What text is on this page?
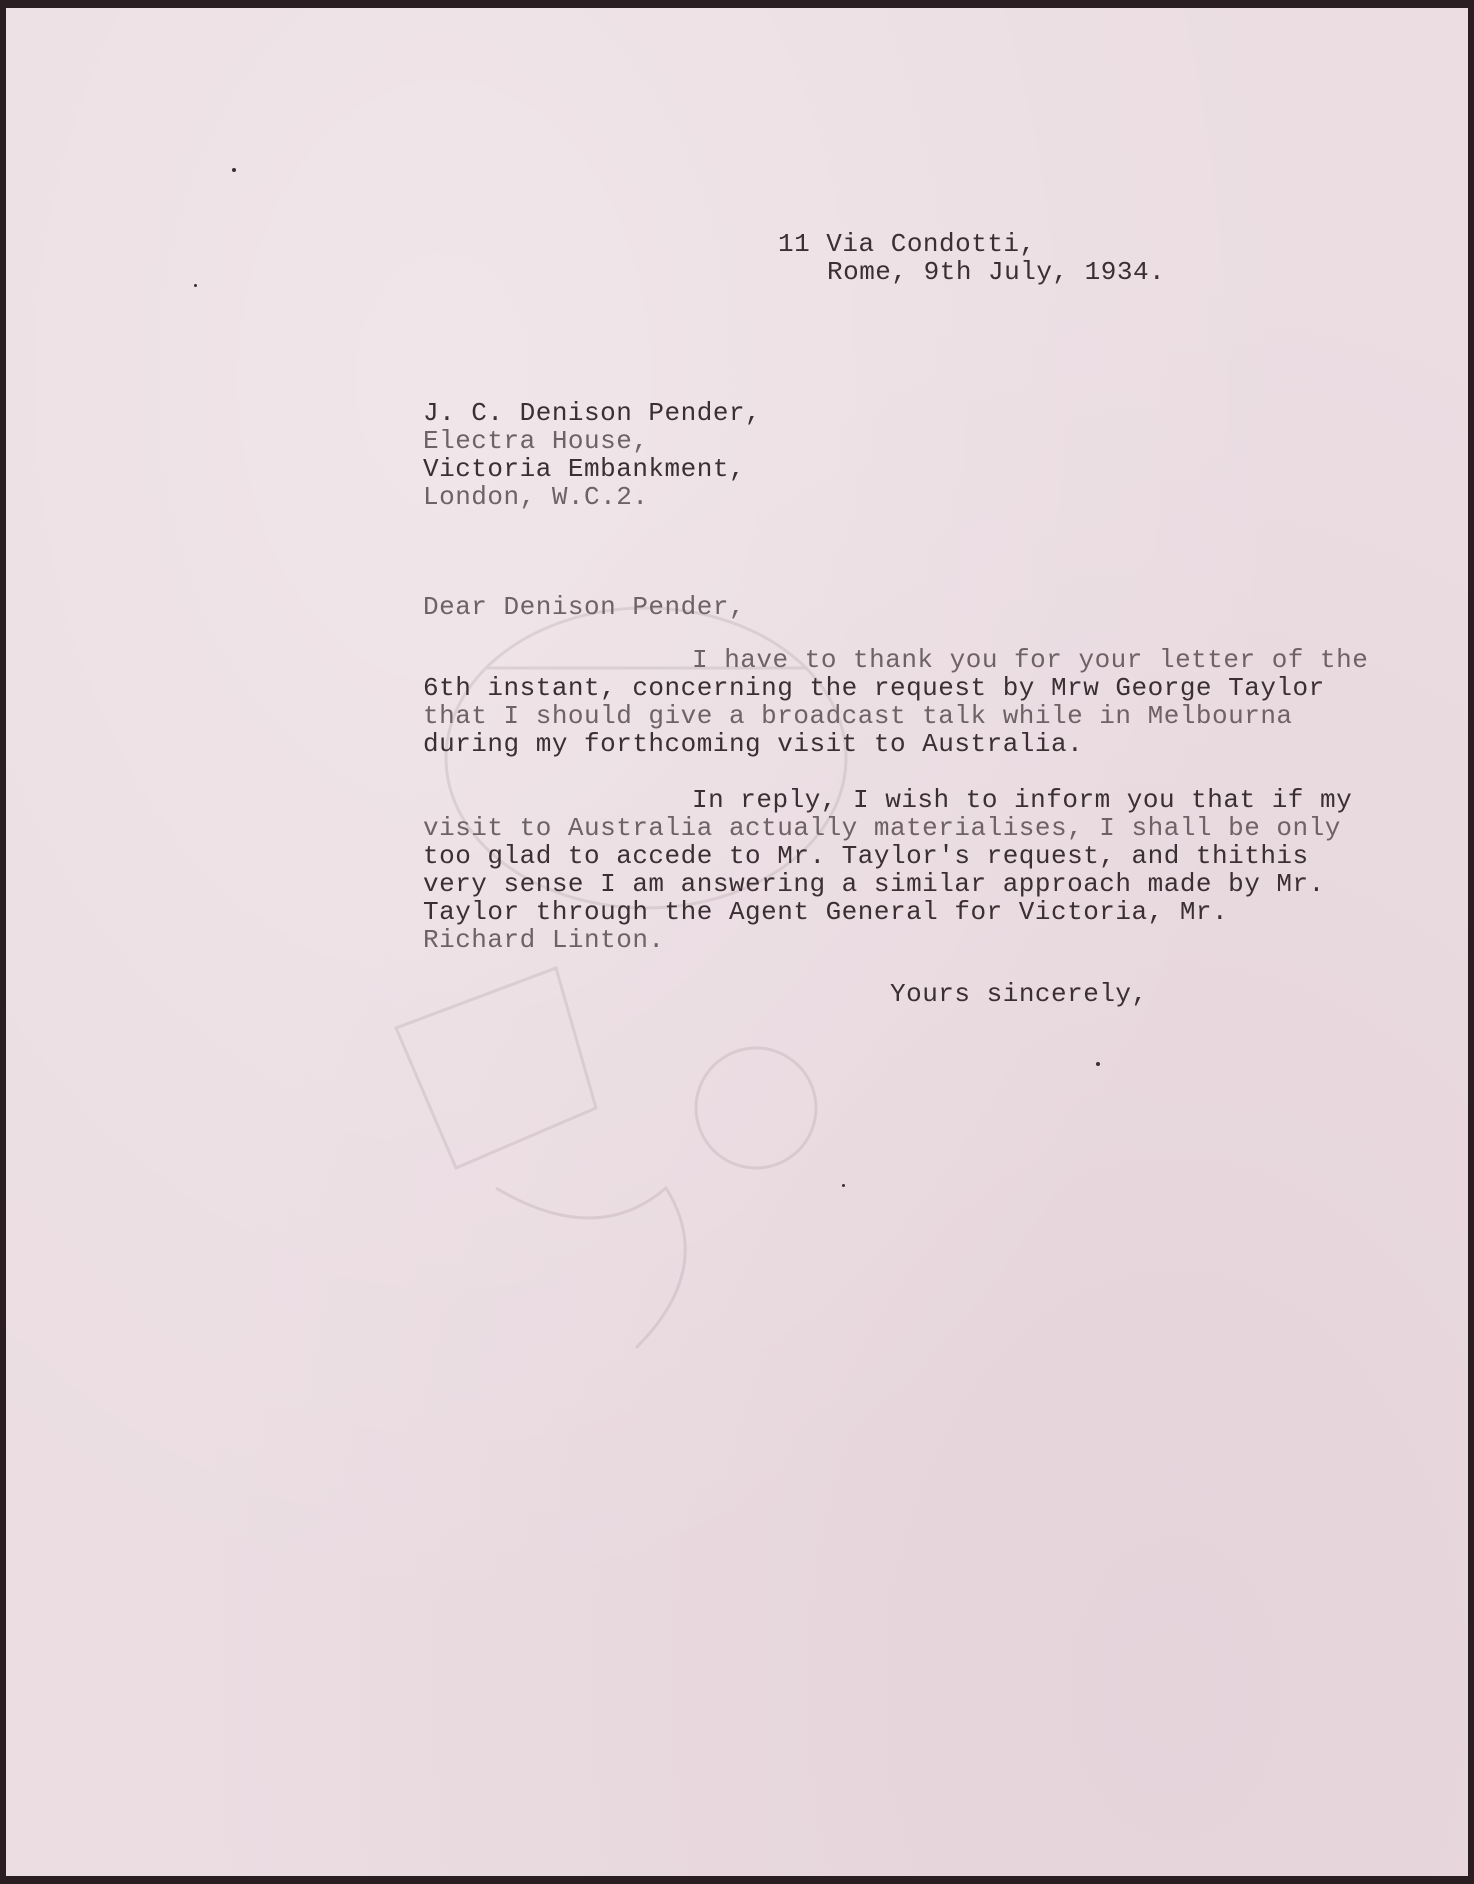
11 Via Condotti,
Rome, 9th July, 1934.
J. C. Denison Pender,
Electra House,
Victoria Embankment,
London, W.C.2.
Dear Denison Pender,
I have to thank you for your letter of the
6th instant, concerning the request by Mrw George Taylor
that I should give a broadcast talk while in Melbourna
during my forthcoming visit to Australia.
In reply, I wish to inform you that if my
visit to Australia actually materialises, I shall be only
too glad to accede to Mr. Taylor's request, and thithis
very sense I am answering a similar approach made by Mr.
Taylor through the Agent General for Victoria, Mr.
Richard Linton.
Yours sincerely,
